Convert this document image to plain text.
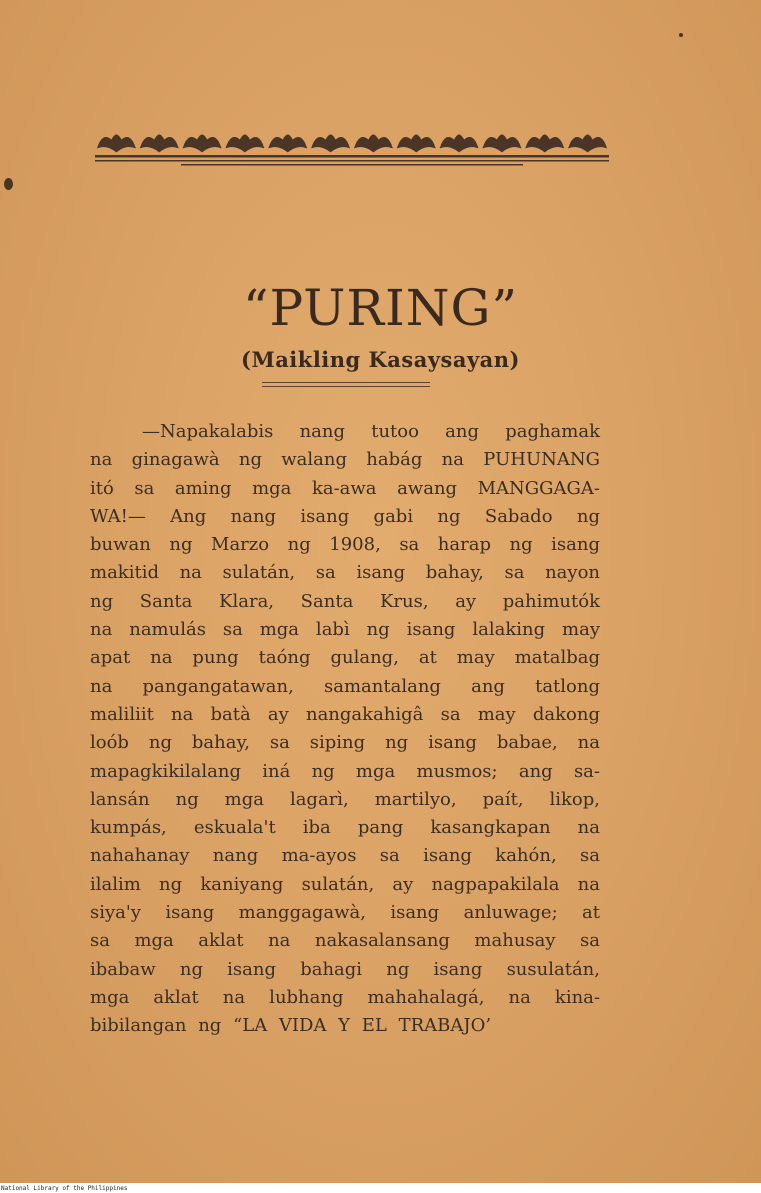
“PURING”
(Maikling Kasaysayan)
—Napakalabis nang tutoo ang paghamak
na ginagawà ng walang habág na PUHUNANG
itó sa aming mga ka-awa awang MANGGAGA-
WA!— Ang nang isang gabi ng Sabado ng
buwan ng Marzo ng 1908, sa harap ng isang
makitid na sulatán, sa isang bahay, sa nayon
ng Santa Klara, Santa Krus, ay pahimutók
na namulás sa mga labì ng isang lalaking may
apat na pung taóng gulang, at may matalbag
na pangangatawan, samantalang ang tatlong
maliliit na batà ay nangakahigâ sa may dakong
loób ng bahay, sa siping ng isang babae, na
mapagkikilalang iná ng mga musmos; ang sa-
lansán ng mga lagarì, martilyo, paít, likop,
kumpás, eskuala't iba pang kasangkapan na
nahahanay nang ma-ayos sa isang kahón, sa
ilalim ng kaniyang sulatán, ay nagpapakilala na
siya'y isang manggagawà, isang anluwage; at
sa mga aklat na nakasalansang mahusay sa
ibabaw ng isang bahagi ng isang susulatán,
mga aklat na lubhang mahahalagá, na kina-
bibilangan ng “LA VIDA Y EL TRABAJO’
National Library of the Philippines
